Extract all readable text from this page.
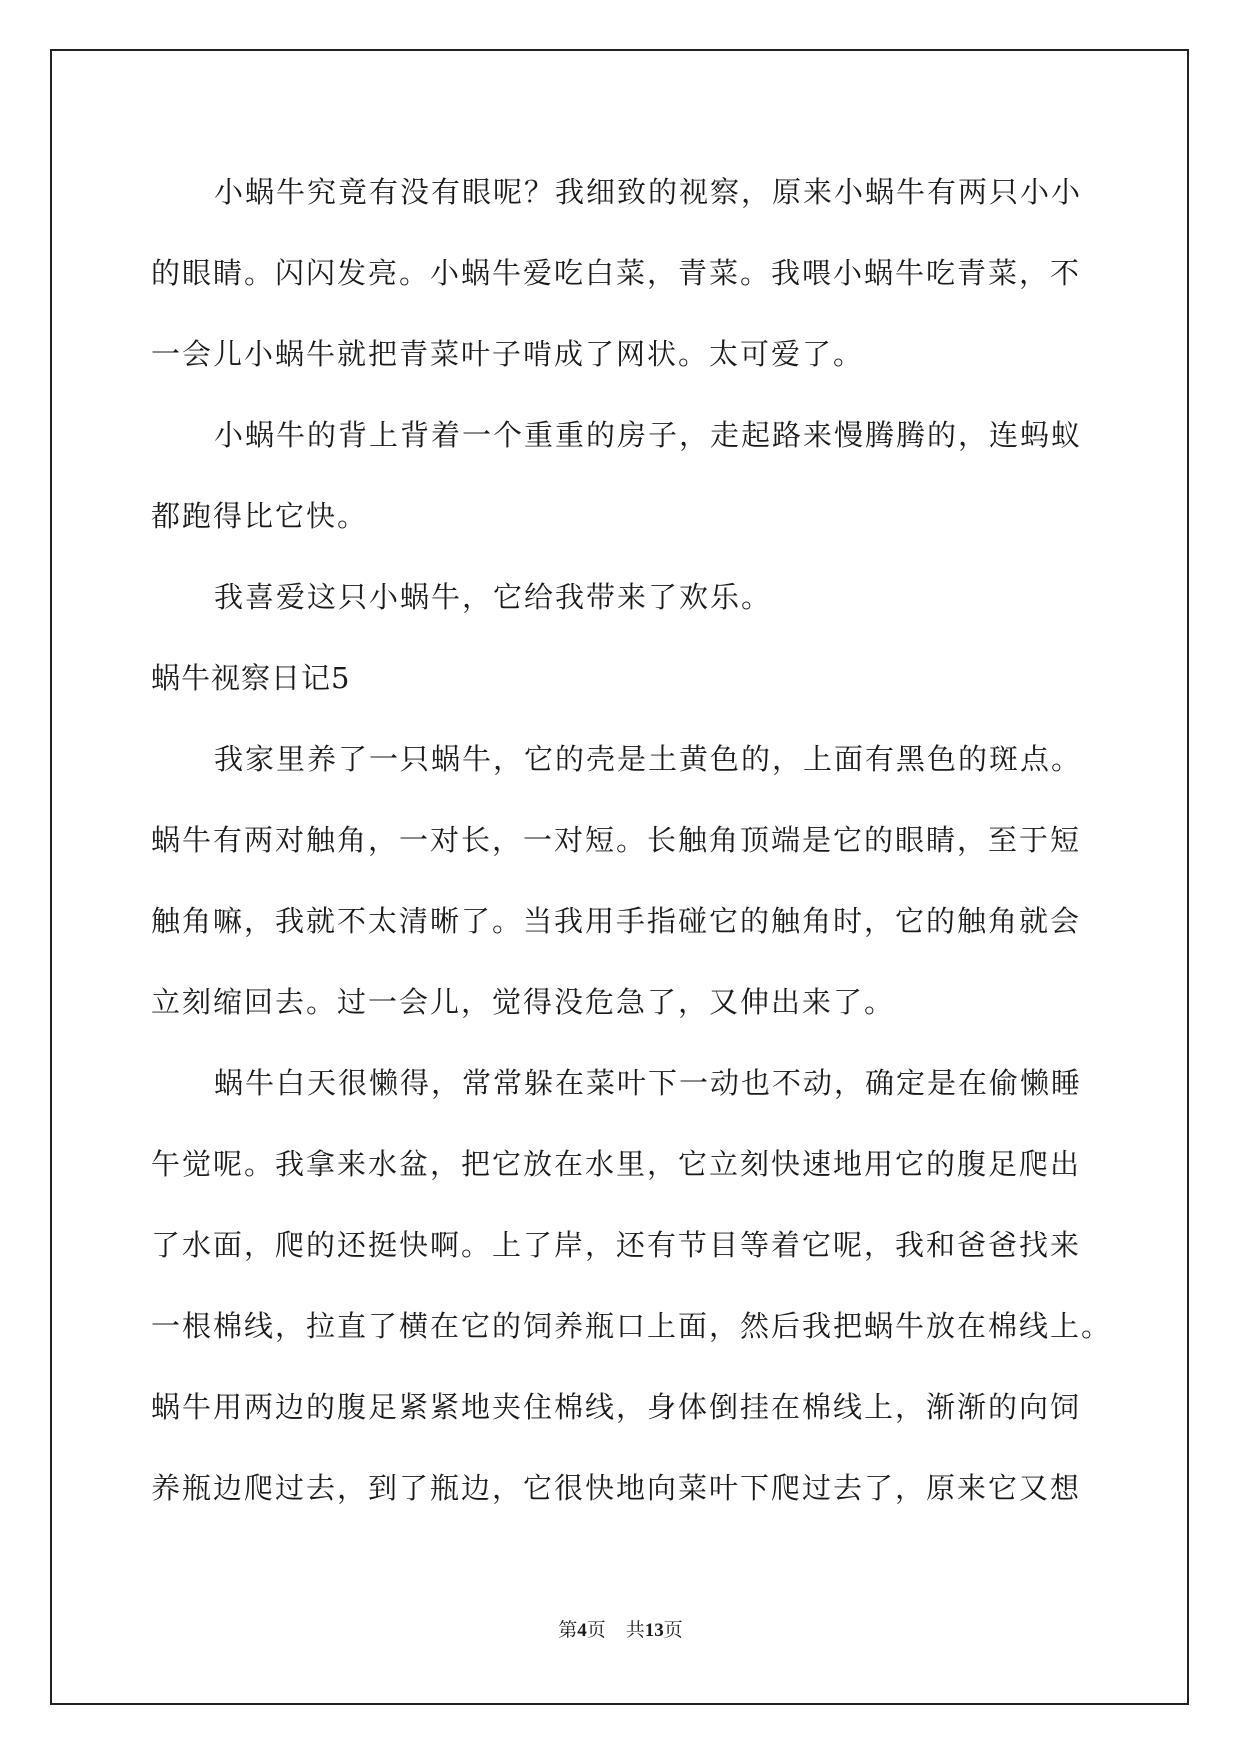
小蜗牛究竟有没有眼呢？我细致的视察，原来小蜗牛有两只小小
的眼睛。闪闪发亮。小蜗牛爱吃白菜，青菜。我喂小蜗牛吃青菜，不
一会儿小蜗牛就把青菜叶子啃成了网状。太可爱了。
小蜗牛的背上背着一个重重的房子，走起路来慢腾腾的，连蚂蚁
都跑得比它快。
我喜爱这只小蜗牛，它给我带来了欢乐。
蜗牛视察日记5
我家里养了一只蜗牛，它的壳是土黄色的，上面有黑色的斑点。
蜗牛有两对触角，一对长，一对短。长触角顶端是它的眼睛，至于短
触角嘛，我就不太清晰了。当我用手指碰它的触角时，它的触角就会
立刻缩回去。过一会儿，觉得没危急了，又伸出来了。
蜗牛白天很懒得，常常躲在菜叶下一动也不动，确定是在偷懒睡
午觉呢。我拿来水盆，把它放在水里，它立刻快速地用它的腹足爬出
了水面，爬的还挺快啊。上了岸，还有节目等着它呢，我和爸爸找来
一根棉线，拉直了横在它的饲养瓶口上面，然后我把蜗牛放在棉线上。
蜗牛用两边的腹足紧紧地夹住棉线，身体倒挂在棉线上，渐渐的向饲
养瓶边爬过去，到了瓶边，它很快地向菜叶下爬过去了，原来它又想
第4页 共13页
